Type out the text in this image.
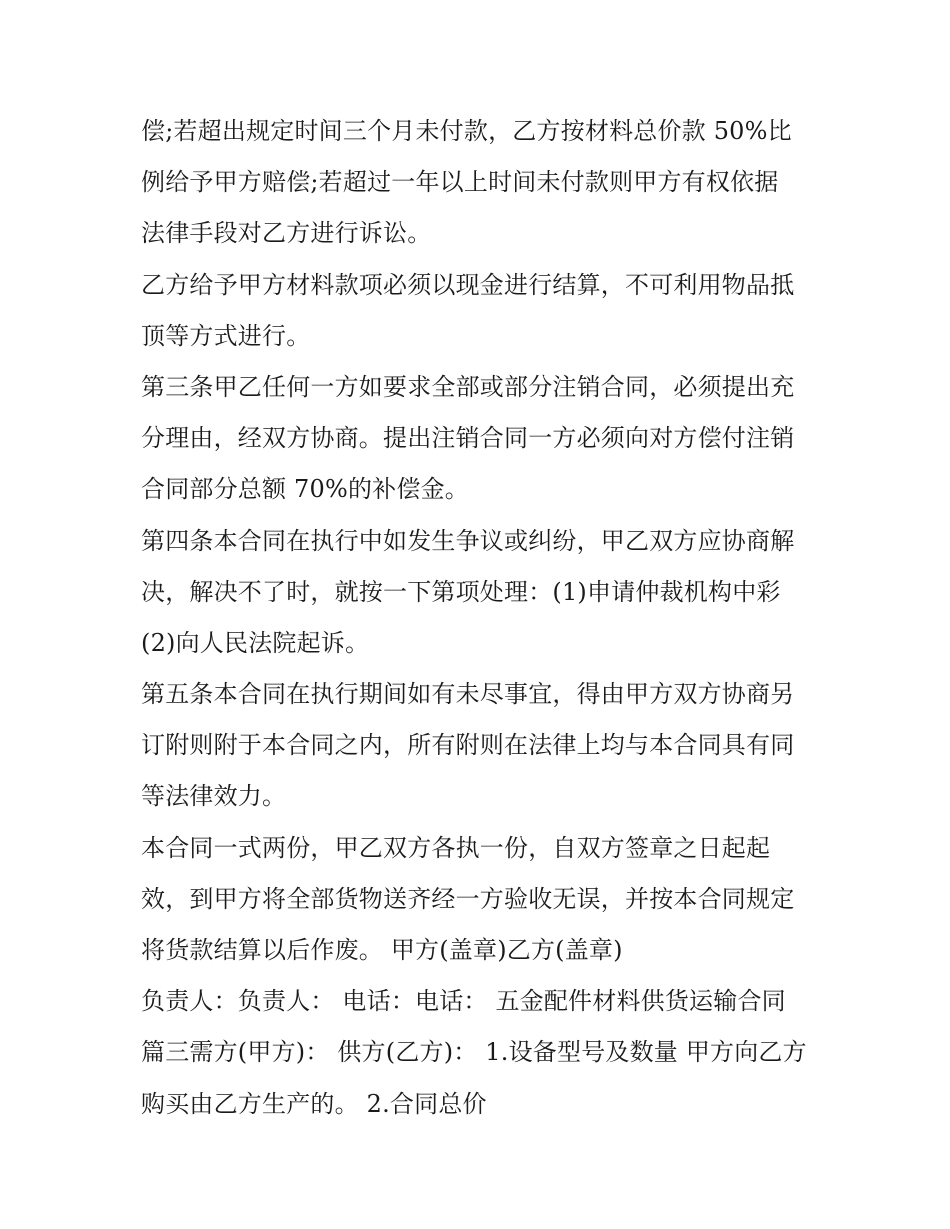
偿;若超出规定时间三个月未付款，乙方按材料总价款 50%比
例给予甲方赔偿;若超过一年以上时间未付款则甲方有权依据
法律手段对乙方进行诉讼。
乙方给予甲方材料款项必须以现金进行结算，不可利用物品抵
顶等方式进行。
第三条甲乙任何一方如要求全部或部分注销合同，必须提出充
分理由，经双方协商。提出注销合同一方必须向对方偿付注销
合同部分总额 70%的补偿金。
第四条本合同在执行中如发生争议或纠纷，甲乙双方应协商解
决，解决不了时，就按一下第项处理：(1)申请仲裁机构中彩
(2)向人民法院起诉。
第五条本合同在执行期间如有未尽事宜，得由甲方双方协商另
订附则附于本合同之内，所有附则在法律上均与本合同具有同
等法律效力。
本合同一式两份，甲乙双方各执一份，自双方签章之日起起
效，到甲方将全部货物送齐经一方验收无误，并按本合同规定
将货款结算以后作废。 甲方(盖章)乙方(盖章)
负责人：负责人： 电话：电话： 五金配件材料供货运输合同
篇三需方(甲方)： 供方(乙方)： 1.设备型号及数量 甲方向乙方
购买由乙方生产的。 2.合同总价
